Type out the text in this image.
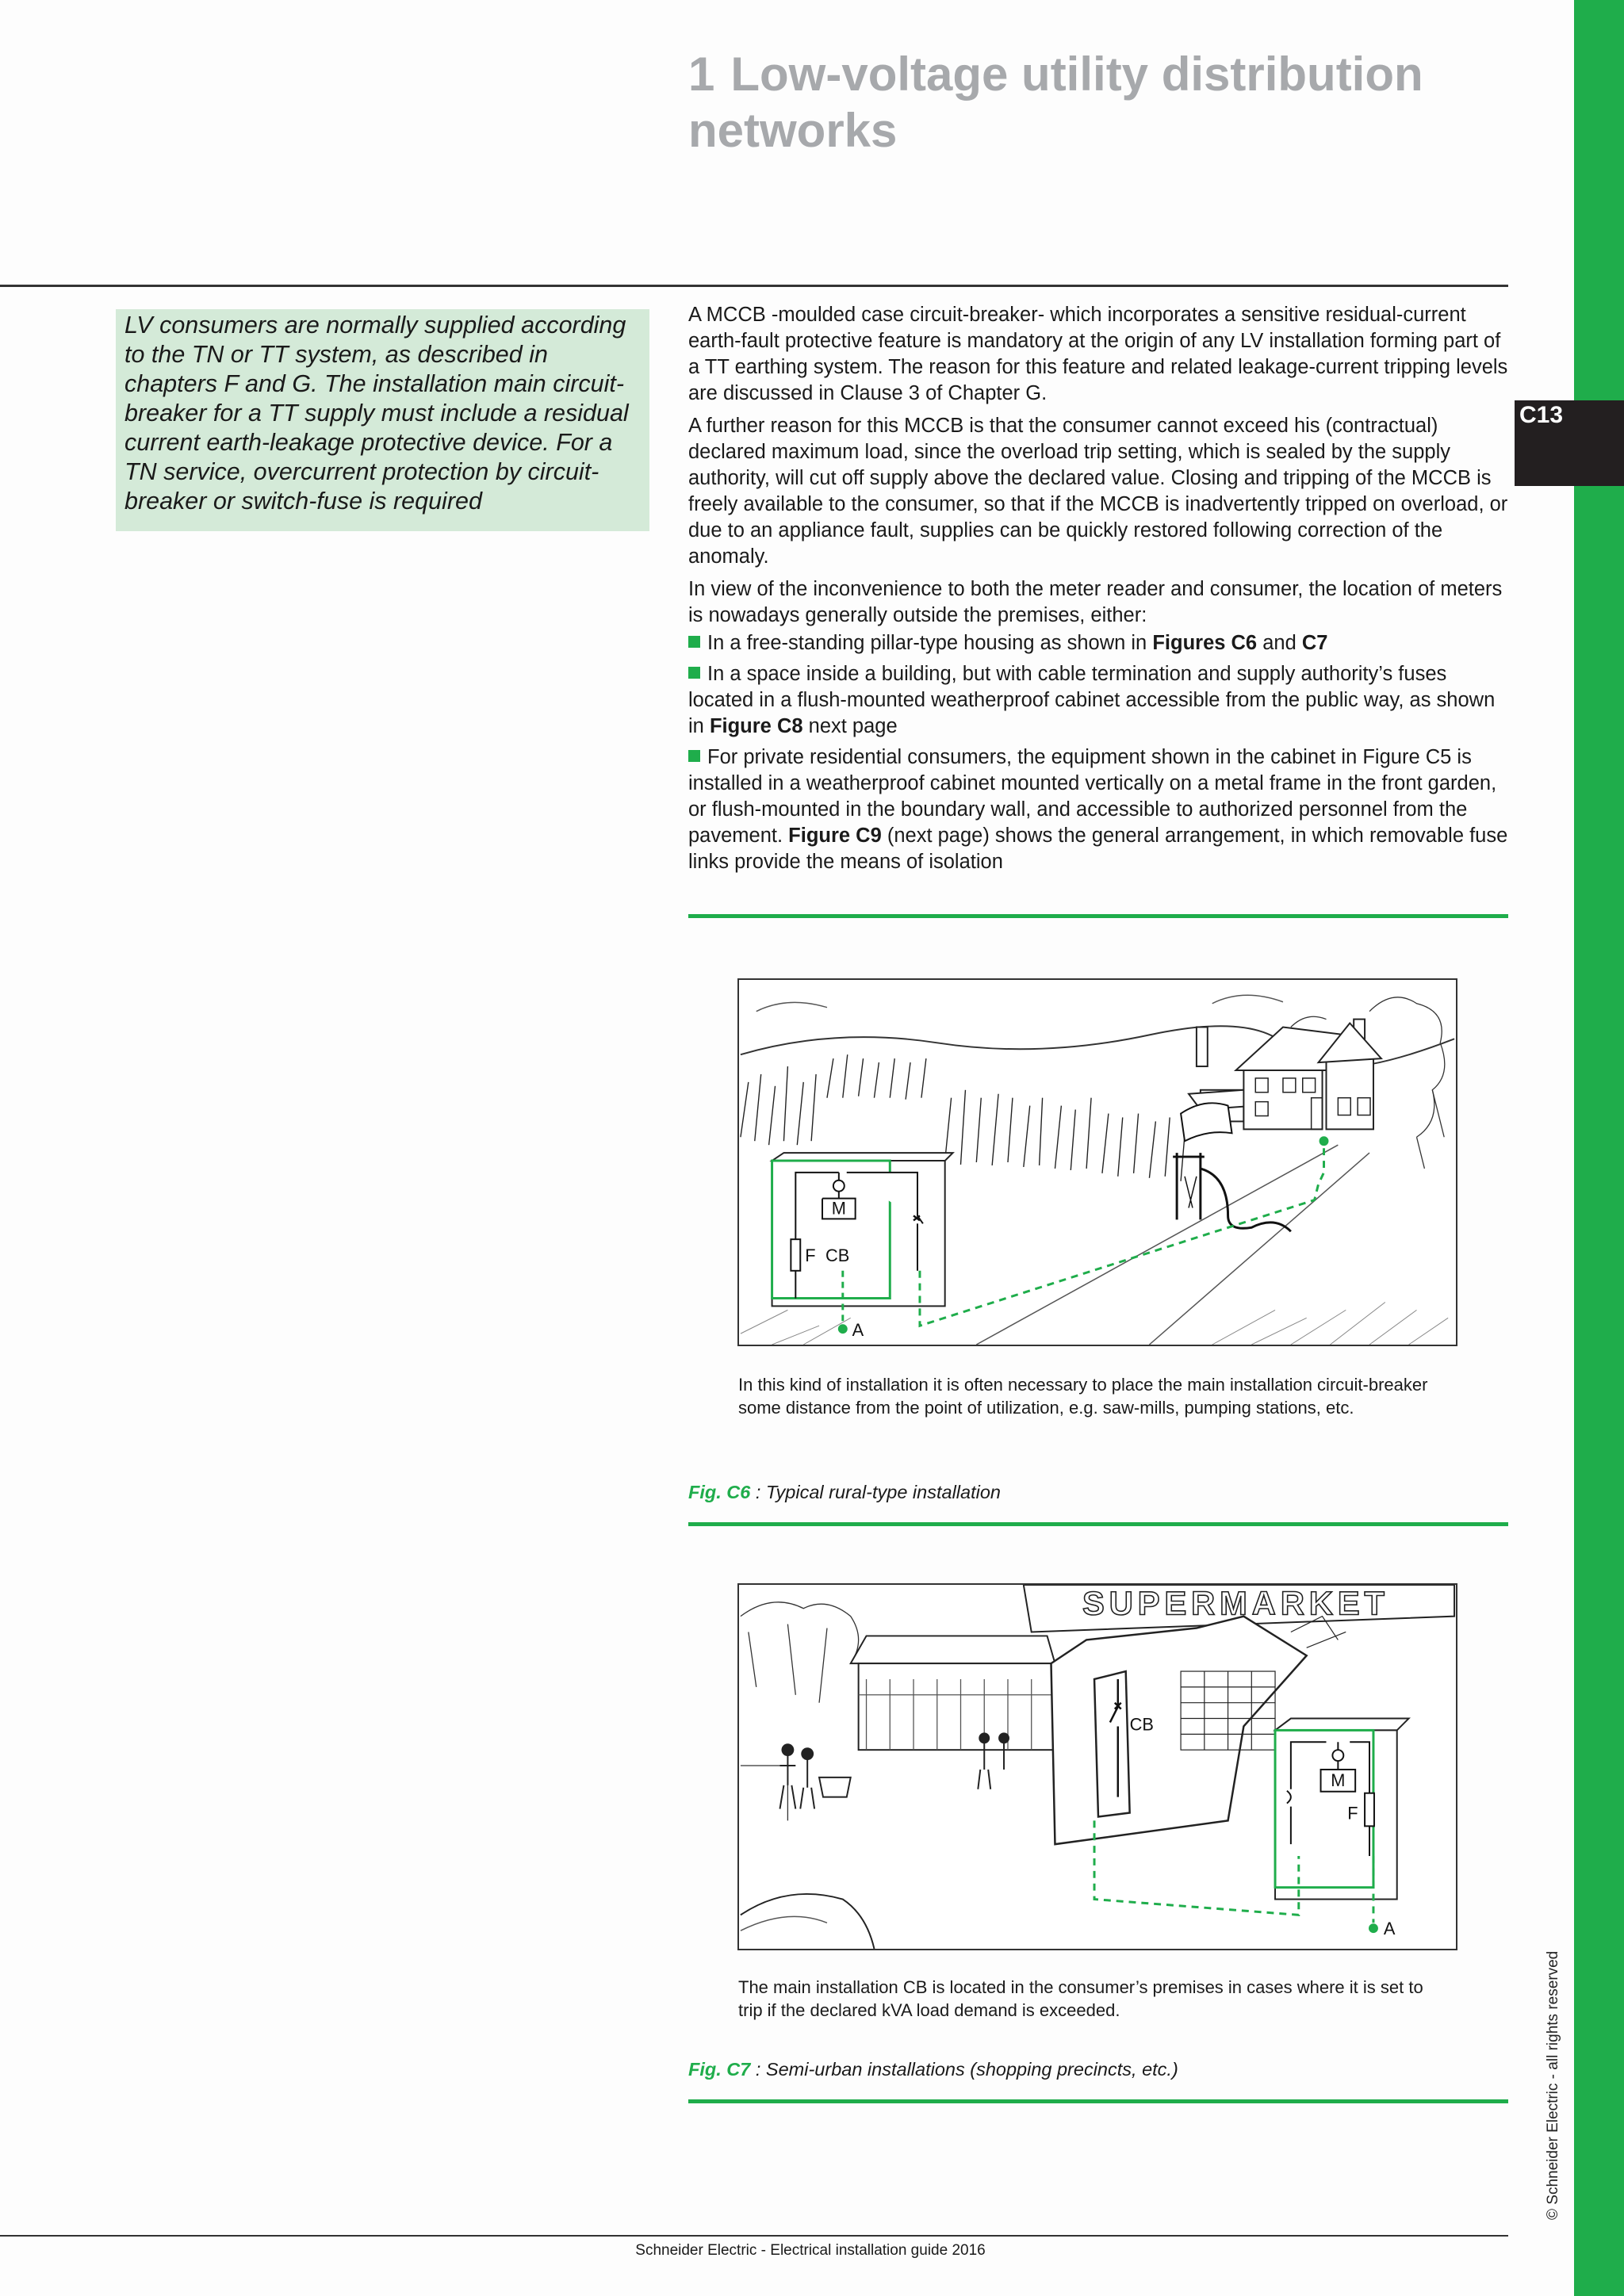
C13
© Schneider Electric - all rights reserved
1 Low-voltage utility distribution networks

LV consumers are normally supplied according to the TN or TT system, as described in chapters F and G. The installation main circuit-breaker for a TT supply must include a residual current earth-leakage protective device. For a TN service, overcurrent protection by circuit-breaker or switch-fuse is required

A MCCB -moulded case circuit-breaker- which incorporates a sensitive residual-current earth-fault protective feature is mandatory at the origin of any LV installation forming part of a TT earthing system. The reason for this feature and related leakage-current tripping levels are discussed in Clause 3 of Chapter G.

A further reason for this MCCB is that the consumer cannot exceed his (contractual) declared maximum load, since the overload trip setting, which is sealed by the supply authority, will cut off supply above the declared value. Closing and tripping of the MCCB is freely available to the consumer, so that if the MCCB is inadvertently tripped on overload, or due to an appliance fault, supplies can be quickly restored following correction of the anomaly.

In view of the inconvenience to both the meter reader and consumer, the location of meters is nowadays generally outside the premises, either:

In a free-standing pillar-type housing as shown in Figures C6 and C7

In a space inside a building, but with cable termination and supply authority’s fuses located in a flush-mounted weatherproof cabinet accessible from the public way, as shown in Figure C8 next page

For private residential consumers, the equipment shown in the cabinet in Figure C5 is installed in a weatherproof cabinet mounted vertically on a metal frame in the front garden, or flush-mounted in the boundary wall, and accessible to authorized personnel from the pavement. Figure C9 (next page) shows the general arrangement, in which removable fuse links provide the means of isolation

M
F CB
A

In this kind of installation it is often necessary to place the main installation circuit-breaker some distance from the point of utilization, e.g. saw-mills, pumping stations, etc.

Fig. C6 : Typical rural-type installation

SUPERMARKET
CB
M
F
A

The main installation CB is located in the consumer’s premises in cases where it is set to trip if the declared kVA load demand is exceeded.

Fig. C7 : Semi-urban installations (shopping precincts, etc.)

Schneider Electric - Electrical installation guide 2016
